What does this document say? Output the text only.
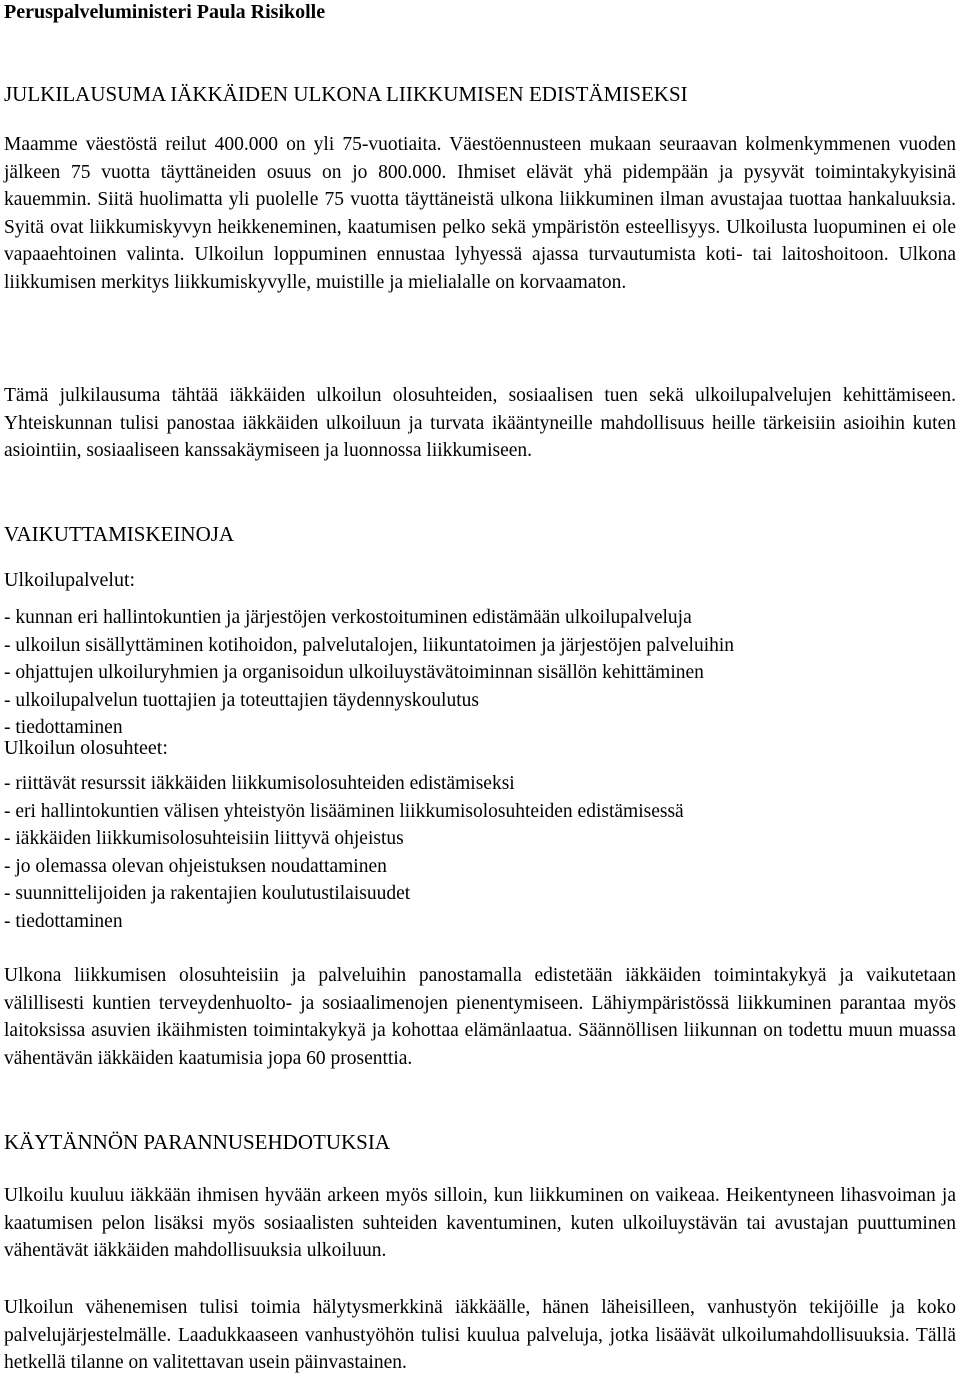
Peruspalveluministeri Paula Risikolle
JULKILAUSUMA IÄKKÄIDEN ULKONA LIIKKUMISEN EDISTÄMISEKSI

Maamme väestöstä reilut 400.000 on yli 75-vuotiaita. Väestöennusteen mukaan seuraavan kolmenkymmenen vuoden jälkeen 75 vuotta täyttäneiden osuus on jo 800.000. Ihmiset elävät yhä pidempään ja pysyvät toimintakykyisinä kauemmin. Siitä huolimatta yli puolelle 75 vuotta täyttäneistä ulkona liikkuminen ilman avustajaa tuottaa hankaluuksia. Syitä ovat liikkumiskyvyn heikkeneminen, kaatumisen pelko sekä ympäristön esteellisyys. Ulkoilusta luopuminen ei ole vapaaehtoinen valinta. Ulkoilun loppuminen ennustaa lyhyessä ajassa turvautumista koti- tai laitoshoitoon. Ulkona liikkumisen merkitys liikkumiskyvylle, muistille ja mielialalle on korvaamaton.

Tämä julkilausuma tähtää iäkkäiden ulkoilun olosuhteiden, sosiaalisen tuen sekä ulkoilupalvelujen kehittämiseen. Yhteiskunnan tulisi panostaa iäkkäiden ulkoiluun ja turvata ikääntyneille mahdollisuus heille tärkeisiin asioihin kuten asiointiin, sosiaaliseen kanssakäymiseen ja luonnossa liikkumiseen.

VAIKUTTAMISKEINOJA
Ulkoilupalvelut:
- kunnan eri hallintokuntien ja järjestöjen verkostoituminen edistämään ulkoilupalveluja
- ulkoilun sisällyttäminen kotihoidon, palvelutalojen, liikuntatoimen ja järjestöjen palveluihin
- ohjattujen ulkoiluryhmien ja organisoidun ulkoiluystävätoiminnan sisällön kehittäminen
- ulkoilupalvelun tuottajien ja toteuttajien täydennyskoulutus
- tiedottaminen
Ulkoilun olosuhteet:
- riittävät resurssit iäkkäiden liikkumisolosuhteiden edistämiseksi
- eri hallintokuntien välisen yhteistyön lisääminen liikkumisolosuhteiden edistämisessä
- iäkkäiden liikkumisolosuhteisiin liittyvä ohjeistus
- jo olemassa olevan ohjeistuksen noudattaminen
- suunnittelijoiden ja rakentajien koulutustilaisuudet
- tiedottaminen

Ulkona liikkumisen olosuhteisiin ja palveluihin panostamalla edistetään iäkkäiden toimintakykyä ja vaikutetaan välillisesti kuntien terveydenhuolto- ja sosiaalimenojen pienentymiseen. Lähiympäristössä liikkuminen parantaa myös laitoksissa asuvien ikäihmisten toimintakykyä ja kohottaa elämänlaatua. Säännöllisen liikunnan on todettu muun muassa vähentävän iäkkäiden kaatumisia jopa 60 prosenttia.

KÄYTÄNNÖN PARANNUSEHDOTUKSIA

Ulkoilu kuuluu iäkkään ihmisen hyvään arkeen myös silloin, kun liikkuminen on vaikeaa. Heikentyneen lihasvoiman ja kaatumisen pelon lisäksi myös sosiaalisten suhteiden kaventuminen, kuten ulkoiluystävän tai avustajan puuttuminen vähentävät iäkkäiden mahdollisuuksia ulkoiluun.

Ulkoilun vähenemisen tulisi toimia hälytysmerkkinä iäkkäälle, hänen läheisilleen, vanhustyön tekijöille ja koko palvelujärjestelmälle. Laadukkaaseen vanhustyöhön tulisi kuulua palveluja, jotka lisäävät ulkoilumahdollisuuksia. Tällä hetkellä tilanne on valitettavan usein päinvastainen.
